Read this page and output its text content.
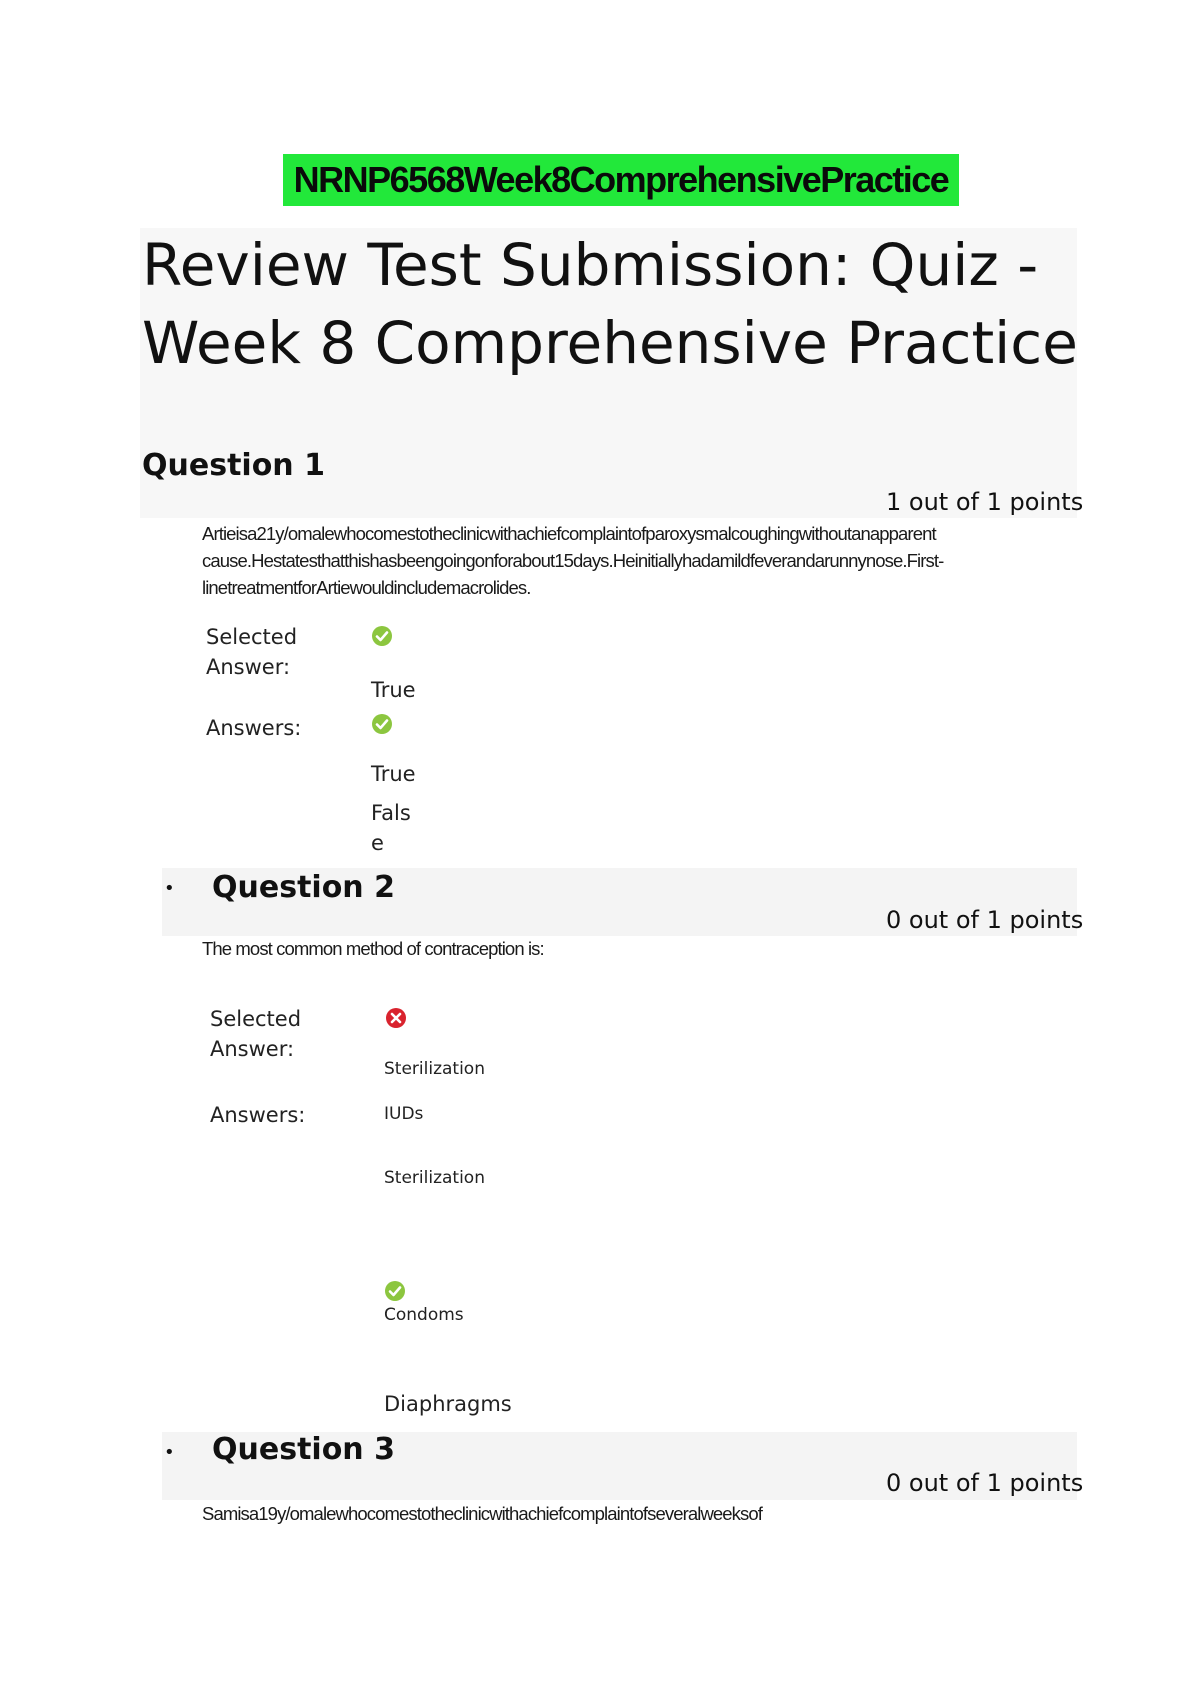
NRNP6568Week8ComprehensivePractice
Review Test Submission: Quiz -
Week 8 Comprehensive Practice
Question 1
1 out of 1 points
Artieisa21y/omalewhocomestotheclinicwithachiefcomplaintofparoxysmalcoughingwithoutanapparent
cause.Hestatesthatthishasbeengoingonforabout15days.Heinitiallyhadamildfeverandarunnynose.First-
linetreatmentforArtiewouldincludemacrolides.
Selected
Answer:
True
Answers:
True
Fals
e
• Question 2
0 out of 1 points
The most common method of contraception is:
Selected
Answer:
Sterilization
Answers:	IUDs
Sterilization
Condoms
Diaphragms
• Question 3
0 out of 1 points
Samisa19y/omalewhocomestotheclinicwithachiefcomplaintofseveralweeksof
